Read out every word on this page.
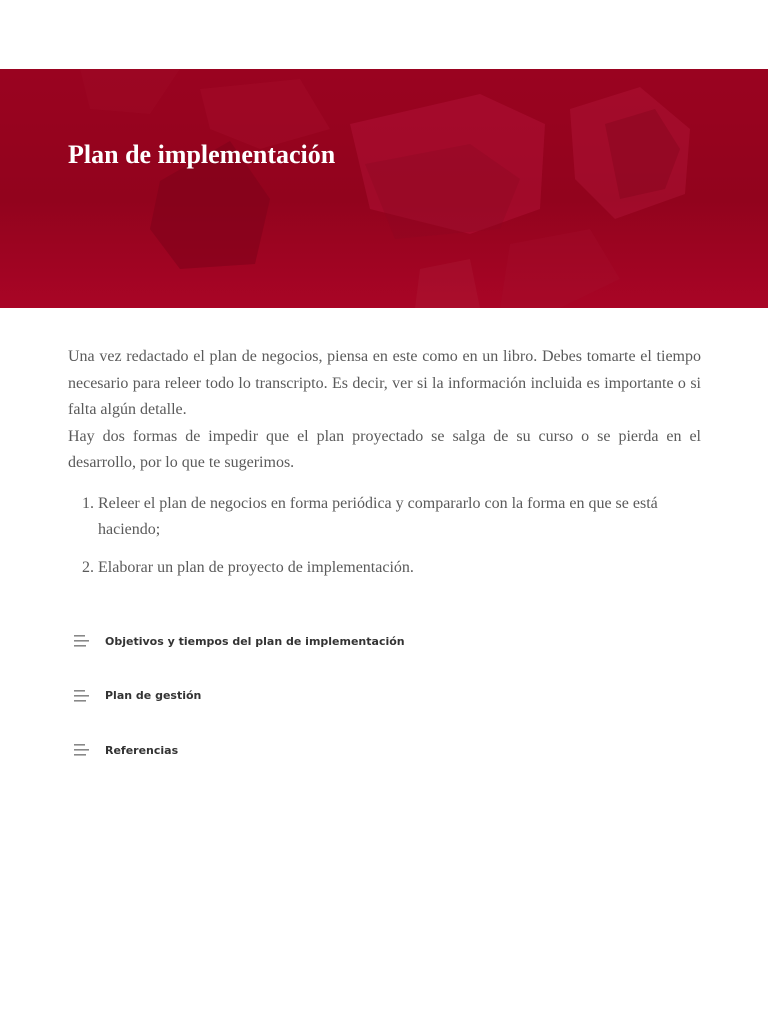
Plan de implementación

Una vez redactado el plan de negocios, piensa en este como en un libro. Debes tomarte el tiempo necesario para releer todo lo transcripto. Es decir, ver si la información incluida es importante o si falta algún detalle.

Hay dos formas de impedir que el plan proyectado se salga de su curso o se pierda en el desarrollo, por lo que te sugerimos.

1. Releer el plan de negocios en forma periódica y compararlo con la forma en que se está haciendo;
2. Elaborar un plan de proyecto de implementación.
Objetivos y tiempos del plan de implementación
Plan de gestión
Referencias
